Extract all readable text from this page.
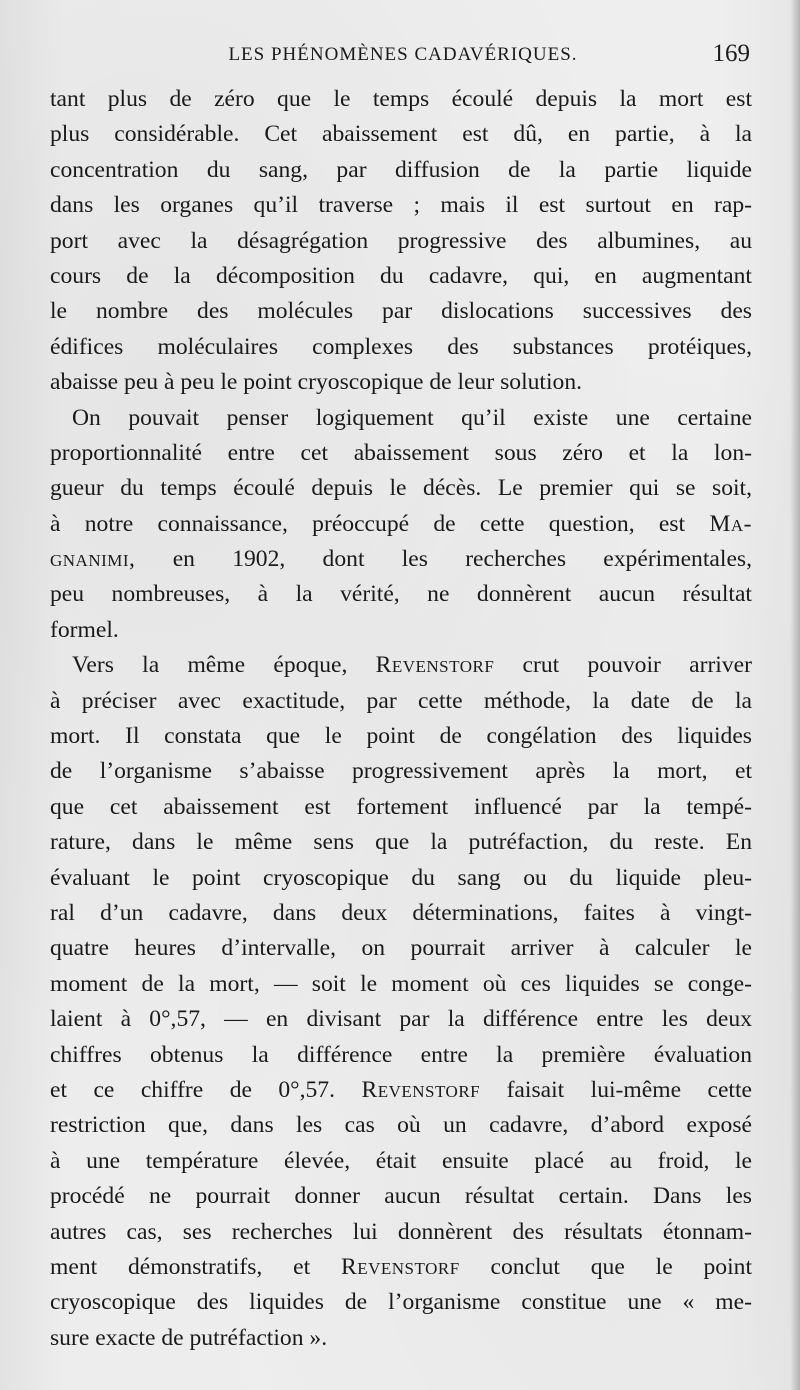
LES PHÉNOMÈNES CADAVÉRIQUES.	169
tant plus de zéro que le temps écoulé depuis la mort est
plus considérable. Cet abaissement est dû, en partie, à la
concentration du sang, par diffusion de la partie liquide
dans les organes qu’il traverse ; mais il est surtout en rap-
port avec la désagrégation progressive des albumines, au
cours de la décomposition du cadavre, qui, en augmentant
le nombre des molécules par dislocations successives des
édifices moléculaires complexes des substances protéiques,
abaisse peu à peu le point cryoscopique de leur solution.
On pouvait penser logiquement qu’il existe une certaine
proportionnalité entre cet abaissement sous zéro et la lon-
gueur du temps écoulé depuis le décès. Le premier qui se soit,
à notre connaissance, préoccupé de cette question, est Ma-
gnanimi, en 1902, dont les recherches expérimentales,
peu nombreuses, à la vérité, ne donnèrent aucun résultat
formel.
Vers la même époque, Revenstorf crut pouvoir arriver
à préciser avec exactitude, par cette méthode, la date de la
mort. Il constata que le point de congélation des liquides
de l’organisme s’abaisse progressivement après la mort, et
que cet abaissement est fortement influencé par la tempé-
rature, dans le même sens que la putréfaction, du reste. En
évaluant le point cryoscopique du sang ou du liquide pleu-
ral d’un cadavre, dans deux déterminations, faites à vingt-
quatre heures d’intervalle, on pourrait arriver à calculer le
moment de la mort, — soit le moment où ces liquides se conge-
laient à 0°,57, — en divisant par la différence entre les deux
chiffres obtenus la différence entre la première évaluation
et ce chiffre de 0°,57. Revenstorf faisait lui-même cette
restriction que, dans les cas où un cadavre, d’abord exposé
à une température élevée, était ensuite placé au froid, le
procédé ne pourrait donner aucun résultat certain. Dans les
autres cas, ses recherches lui donnèrent des résultats étonnam-
ment démonstratifs, et Revenstorf conclut que le point
cryoscopique des liquides de l’organisme constitue une « me-
sure exacte de putréfaction ».
